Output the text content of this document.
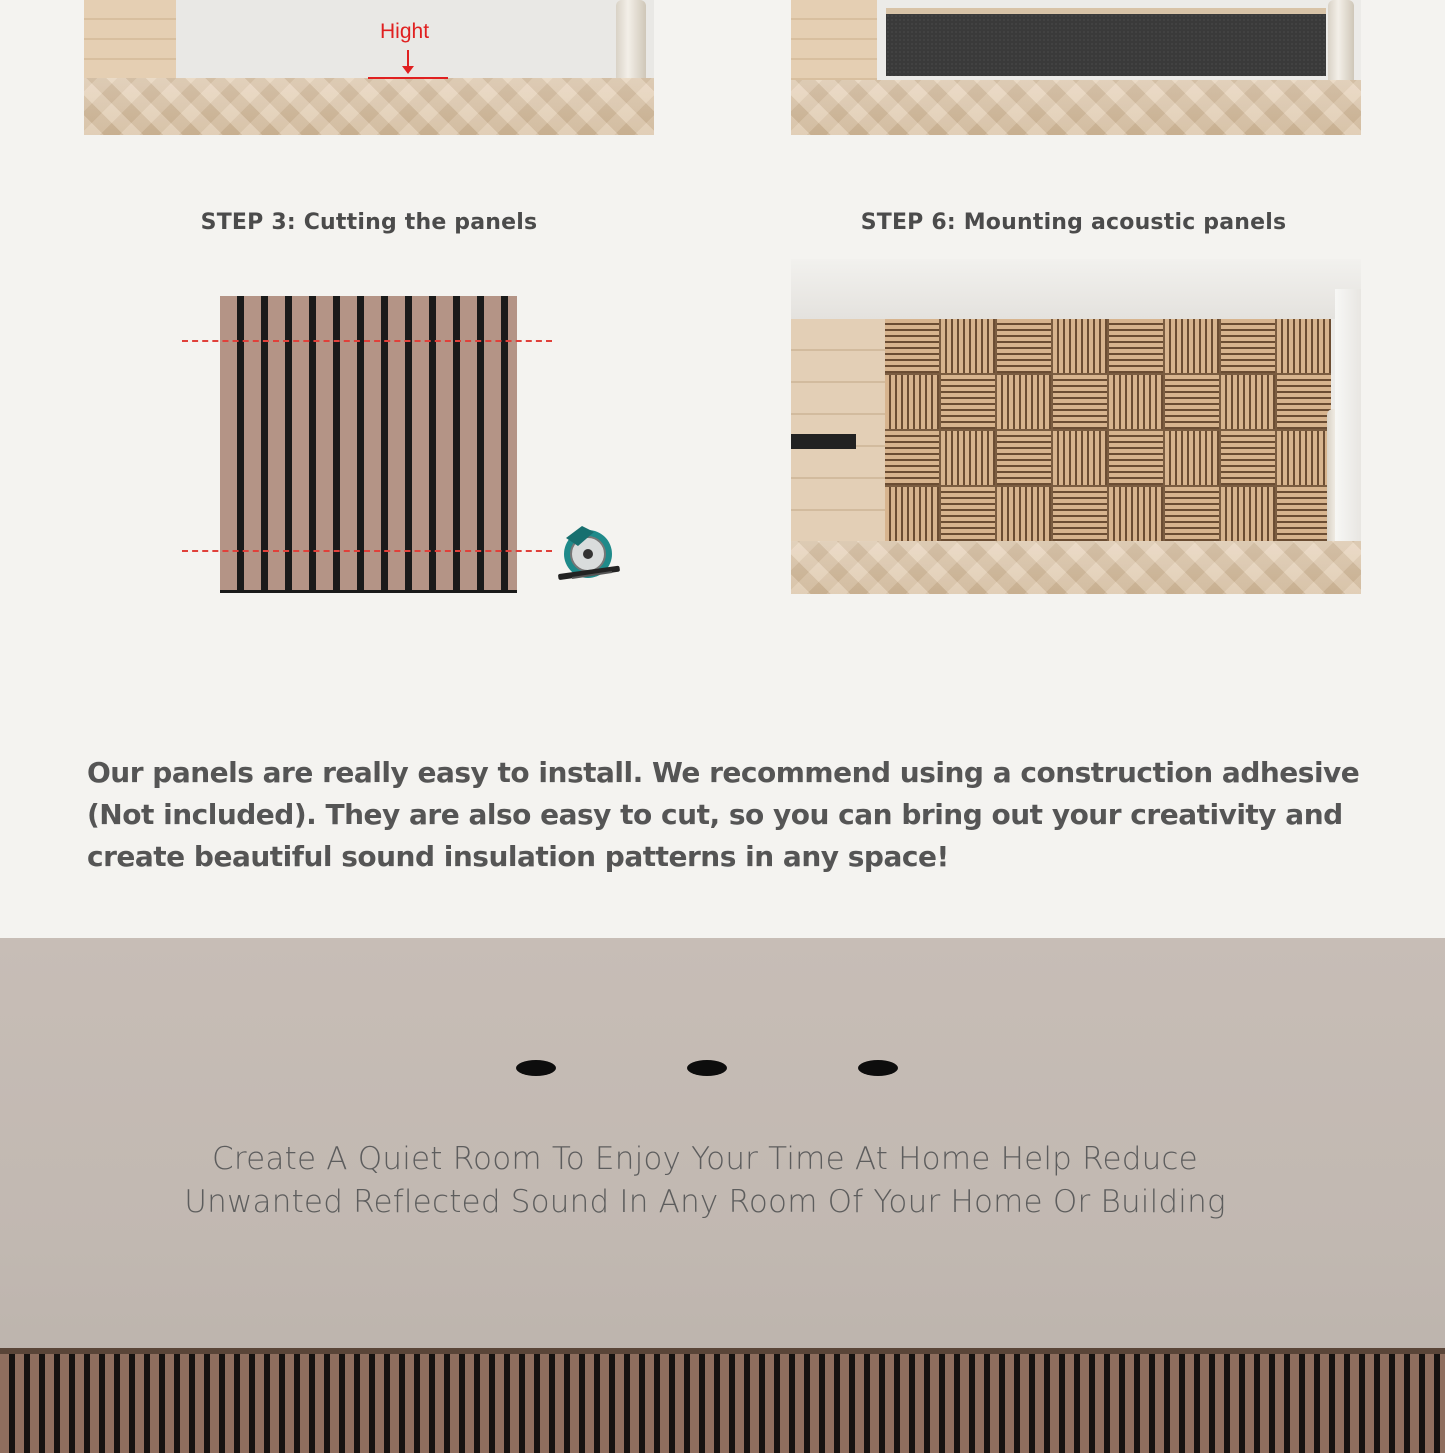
Hight
STEP 3: Cutting the panels	STEP 6: Mounting acoustic panels
Our panels are really easy to install. We recommend using a construction adhesive (Not included). They are also easy to cut, so you can bring out your creativity and create beautiful sound insulation patterns in any space!
Create A Quiet Room To Enjoy Your Time At Home Help Reduce
Unwanted Reflected Sound In Any Room Of Your Home Or Building
